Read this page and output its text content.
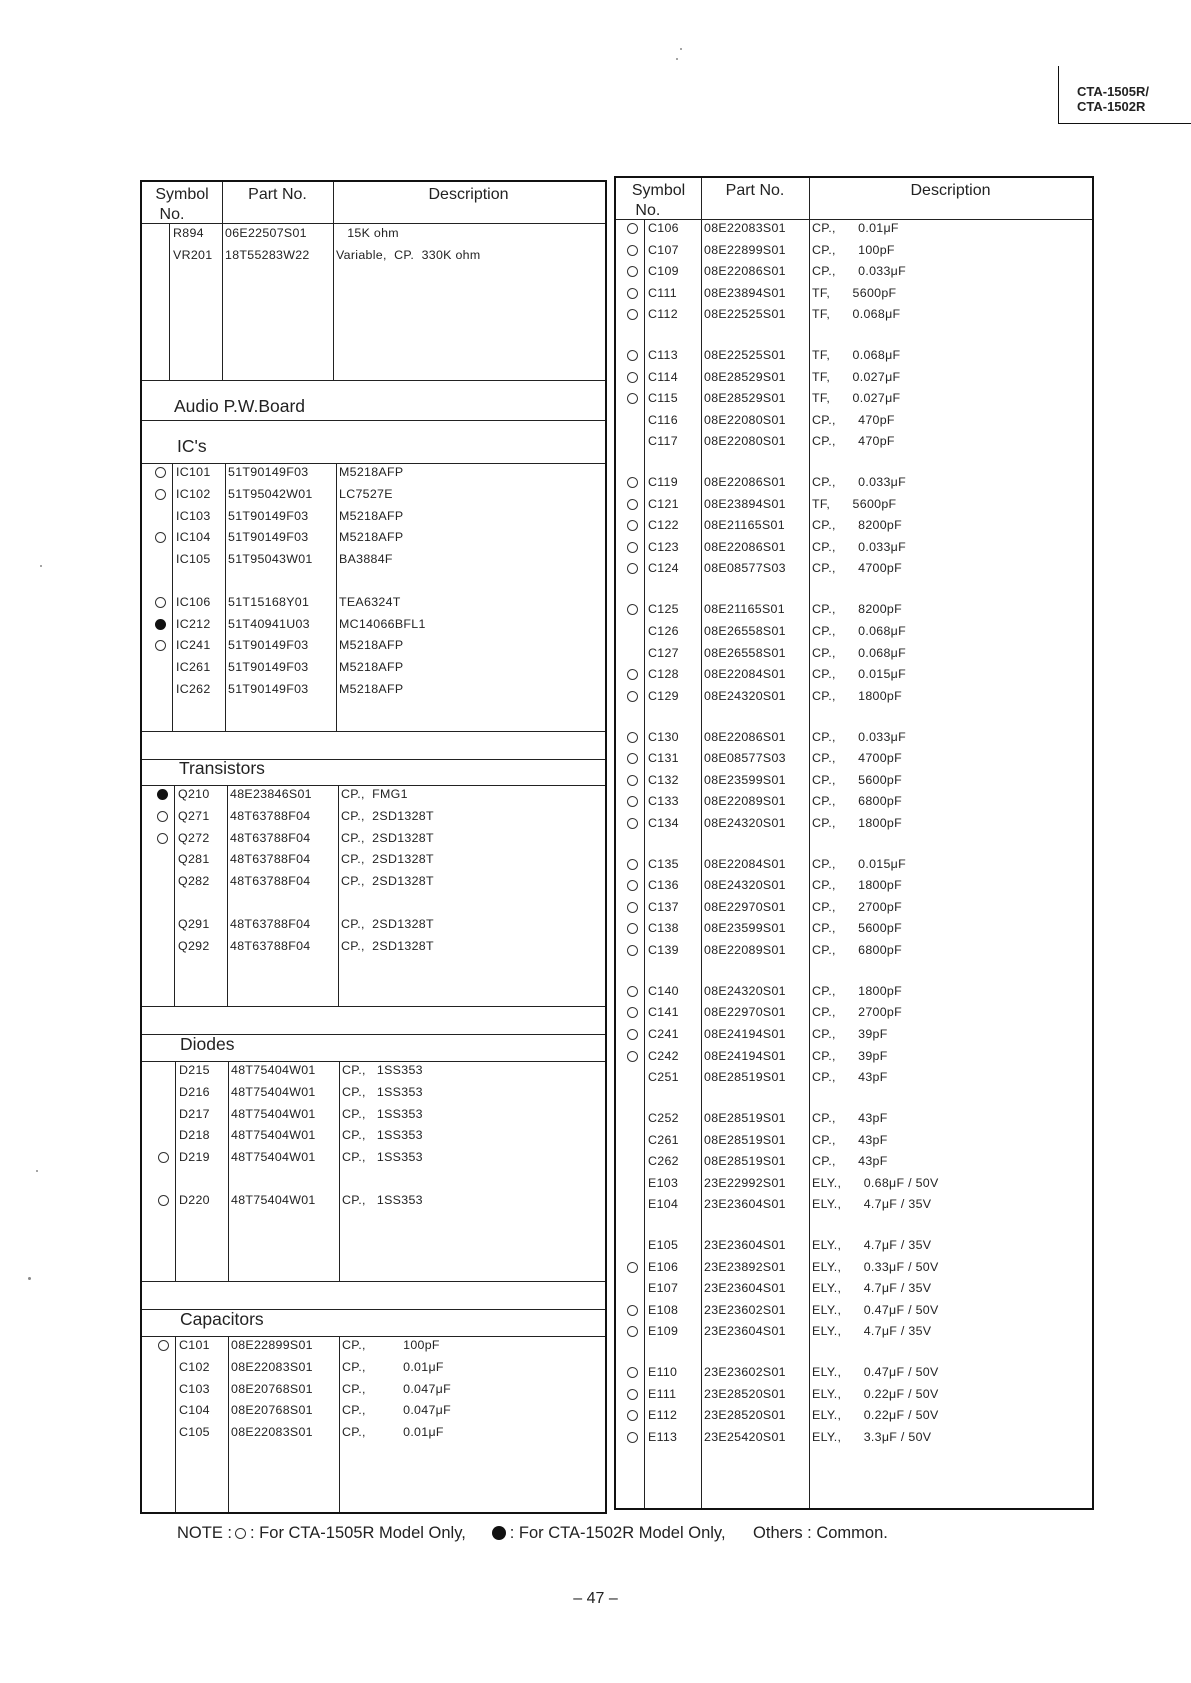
CTA-1505R/
CTA-1502R
Symbol
No.
Part No.	Description
R894 06E22507S01 15K ohm
VR201 18T55283W22 Variable,  CP.  330K ohm
Audio P.W.Board
IC's
IC101 51T90149F03 M5218AFP
IC102 51T95042W01 LC7527E
IC103 51T90149F03 M5218AFP
IC104 51T90149F03 M5218AFP
IC105 51T95043W01 BA3884F
IC106 51T15168Y01 TEA6324T
IC212 51T40941U03 MC14066BFL1
IC241 51T90149F03 M5218AFP
IC261 51T90149F03 M5218AFP
IC262 51T90149F03 M5218AFP
Transistors
Q210 48E23846S01 CP.,  FMG1
Q271 48T63788F04 CP.,  2SD1328T
Q272 48T63788F04 CP.,  2SD1328T
Q281 48T63788F04 CP.,  2SD1328T
Q282 48T63788F04 CP.,  2SD1328T
Q291 48T63788F04 CP.,  2SD1328T
Q292 48T63788F04 CP.,  2SD1328T
Diodes
D215 48T75404W01 CP.,   1SS353
D216 48T75404W01 CP.,   1SS353
D217 48T75404W01 CP.,   1SS353
D218 48T75404W01 CP.,   1SS353
D219 48T75404W01 CP.,   1SS353
D220 48T75404W01 CP.,   1SS353
Capacitors
C101 08E22899S01 CP.,          100pF
C102 08E22083S01 CP.,          0.01μF
C103 08E20768S01 CP.,          0.047μF
C104 08E20768S01 CP.,          0.047μF
C105 08E22083S01 CP.,          0.01μF
Symbol
No.
Part No.	Description
C106 08E22083S01 CP.,      0.01μF
C107 08E22899S01 CP.,      100pF
C109 08E22086S01 CP.,      0.033μF
C111 08E23894S01 TF,      5600pF
C112 08E22525S01 TF,      0.068μF
C113 08E22525S01 TF,      0.068μF
C114 08E28529S01 TF,      0.027μF
C115 08E28529S01 TF,      0.027μF
C116 08E22080S01 CP.,      470pF
C117 08E22080S01 CP.,      470pF
C119 08E22086S01 CP.,      0.033μF
C121 08E23894S01 TF,      5600pF
C122 08E21165S01 CP.,      8200pF
C123 08E22086S01 CP.,      0.033μF
C124 08E08577S03 CP.,      4700pF
C125 08E21165S01 CP.,      8200pF
C126 08E26558S01 CP.,      0.068μF
C127 08E26558S01 CP.,      0.068μF
C128 08E22084S01 CP.,      0.015μF
C129 08E24320S01 CP.,      1800pF
C130 08E22086S01 CP.,      0.033μF
C131 08E08577S03 CP.,      4700pF
C132 08E23599S01 CP.,      5600pF
C133 08E22089S01 CP.,      6800pF
C134 08E24320S01 CP.,      1800pF
C135 08E22084S01 CP.,      0.015μF
C136 08E24320S01 CP.,      1800pF
C137 08E22970S01 CP.,      2700pF
C138 08E23599S01 CP.,      5600pF
C139 08E22089S01 CP.,      6800pF
C140 08E24320S01 CP.,      1800pF
C141 08E22970S01 CP.,      2700pF
C241 08E24194S01 CP.,      39pF
C242 08E24194S01 CP.,      39pF
C251 08E28519S01 CP.,      43pF
C252 08E28519S01 CP.,      43pF
C261 08E28519S01 CP.,      43pF
C262 08E28519S01 CP.,      43pF
E103 23E22992S01 ELY.,      0.68μF / 50V
E104 23E23604S01 ELY.,      4.7μF / 35V
E105 23E23604S01 ELY.,      4.7μF / 35V
E106 23E23892S01 ELY.,      0.33μF / 50V
E107 23E23604S01 ELY.,      4.7μF / 35V
E108 23E23602S01 ELY.,      0.47μF / 50V
E109 23E23604S01 ELY.,      4.7μF / 35V
E110 23E23602S01 ELY.,      0.47μF / 50V
E111 23E28520S01 ELY.,      0.22μF / 50V
E112 23E28520S01 ELY.,      0.22μF / 50V
E113 23E25420S01 ELY.,      3.3μF / 50V
NOTE : : For CTA-1505R Model Only,	: For CTA-1502R Model Only, Others : Common.
– 47 –
